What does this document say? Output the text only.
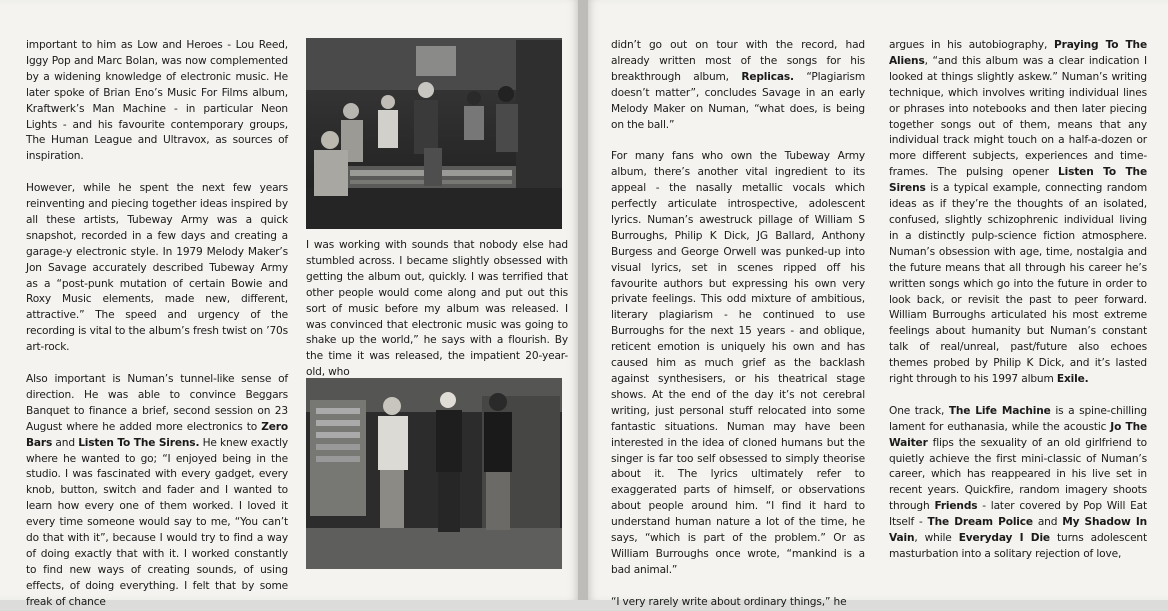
important to him as Low and Heroes - Lou Reed, Iggy Pop and Marc Bolan, was now complemented by a widening knowledge of electronic music. He later spoke of Brian Eno’s Music For Films album, Kraftwerk’s Man Machine - in particular Neon Lights - and his favourite contemporary groups, The Human League and Ultravox, as sources of inspiration.

However, while he spent the next few years reinventing and piecing together ideas inspired by all these artists, Tubeway Army was a quick snapshot, recorded in a few days and creating a garage-y electronic style. In 1979 Melody Maker’s Jon Savage accurately described Tubeway Army as a “post-punk mutation of certain Bowie and Roxy Music elements, made new, different, attractive.” The speed and urgency of the recording is vital to the album’s fresh twist on ’70s art-rock.

Also important is Numan’s tunnel-like sense of direction. He was able to convince Beggars Banquet to finance a brief, second session on 23 August where he added more electronics to Zero Bars and Listen To The Sirens. He knew exactly where he wanted to go; “I enjoyed being in the studio. I was fascinated with every gadget, every knob, button, switch and fader and I wanted to learn how every one of them worked. I loved it every time someone would say to me, “You can’t do that with it”, because I would try to find a way of doing exactly that with it. I worked constantly to find new ways of creating sounds, of using effects, of doing everything. I felt that by some freak of chance

I was working with sounds that nobody else had stumbled across. I became slightly obsessed with getting the album out, quickly. I was terrified that other people would come along and put out this sort of music before my album was released. I was convinced that electronic music was going to shake up the world,” he says with a flourish. By the time it was released, the impatient 20-year-old, who

didn’t go out on tour with the record, had already written most of the songs for his breakthrough album, Replicas. “Plagiarism doesn’t matter”, concludes Savage in an early Melody Maker on Numan, “what does, is being on the ball.”

For many fans who own the Tubeway Army album, there’s another vital ingredient to its appeal - the nasally metallic vocals which perfectly articulate introspective, adolescent lyrics. Numan’s awestruck pillage of William S Burroughs, Philip K Dick, JG Ballard, Anthony Burgess and George Orwell was punked-up into visual lyrics, set in scenes ripped off his favourite authors but expressing his own very private feelings. This odd mixture of ambitious, literary plagiarism - he continued to use Burroughs for the next 15 years - and oblique, reticent emotion is uniquely his own and has caused him as much grief as the backlash against synthesisers, or his theatrical stage shows. At the end of the day it’s not cerebral writing, just personal stuff relocated into some fantastic situations. Numan may have been interested in the idea of cloned humans but the singer is far too self obsessed to simply theorise about it. The lyrics ultimately refer to exaggerated parts of himself, or observations about people around him. “I find it hard to understand human nature a lot of the time, he says, “which is part of the problem.” Or as William Burroughs once wrote, “mankind is a bad animal.”

“I very rarely write about ordinary things,” he

argues in his autobiography, Praying To The Aliens, “and this album was a clear indication I looked at things slightly askew.” Numan’s writing technique, which involves writing individual lines or phrases into notebooks and then later piecing together songs out of them, means that any individual track might touch on a half-a-dozen or more different subjects, experiences and time-frames. The pulsing opener Listen To The Sirens is a typical example, connecting random ideas as if they’re the thoughts of an isolated, confused, slightly schizophrenic individual living in a distinctly pulp-science fiction atmosphere. Numan’s obsession with age, time, nostalgia and the future means that all through his career he’s written songs which go into the future in order to look back, or revisit the past to peer forward. William Burroughs articulated his most extreme feelings about humanity but Numan’s constant talk of real/unreal, past/future also echoes themes probed by Philip K Dick, and it’s lasted right through to his 1997 album Exile.

One track, The Life Machine is a spine-chilling lament for euthanasia, while the acoustic Jo The Waiter flips the sexuality of an old girlfriend to quietly achieve the first mini-classic of Numan’s career, which has reappeared in his live set in recent years. Quickfire, random imagery shoots through Friends - later covered by Pop Will Eat Itself - The Dream Police and My Shadow In Vain, while Everyday I Die turns adolescent masturbation into a solitary rejection of love,
